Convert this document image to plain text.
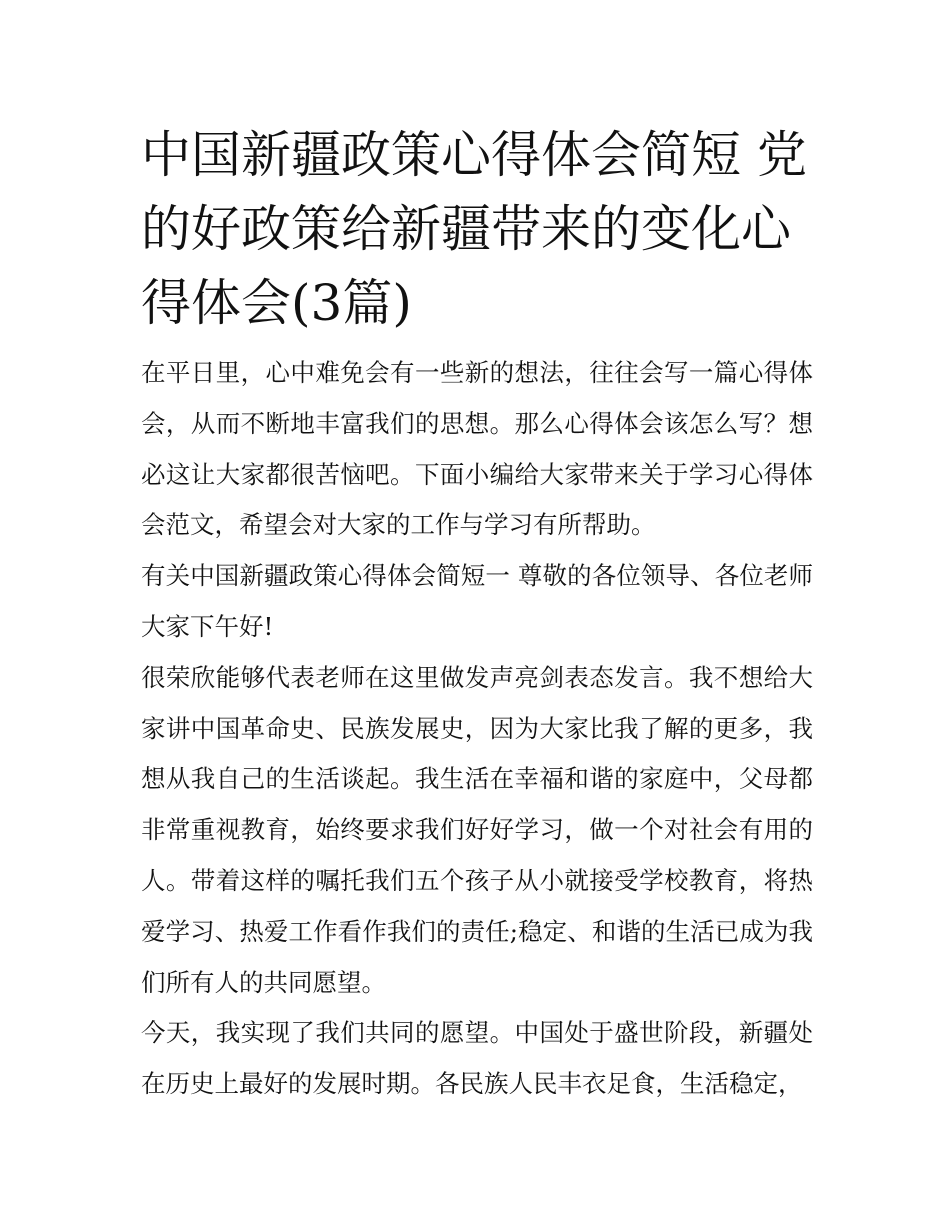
中国新疆政策心得体会简短 党的好政策给新疆带来的变化心得体会(3篇)

在平日里，心中难免会有一些新的想法，往往会写一篇心得体会，从而不断地丰富我们的思想。那么心得体会该怎么写？想必这让大家都很苦恼吧。下面小编给大家带来关于学习心得体会范文，希望会对大家的工作与学习有所帮助。

有关中国新疆政策心得体会简短一 尊敬的各位领导、各位老师大家下午好!

很荣欣能够代表老师在这里做发声亮剑表态发言。我不想给大家讲中国革命史、民族发展史，因为大家比我了解的更多，我想从我自己的生活谈起。我生活在幸福和谐的家庭中，父母都非常重视教育，始终要求我们好好学习，做一个对社会有用的人。带着这样的嘱托我们五个孩子从小就接受学校教育，将热爱学习、热爱工作看作我们的责任;稳定、和谐的生活已成为我们所有人的共同愿望。

今天，我实现了我们共同的愿望。中国处于盛世阶段，新疆处在历史上最好的发展时期。各民族人民丰衣足食，生活稳定，
